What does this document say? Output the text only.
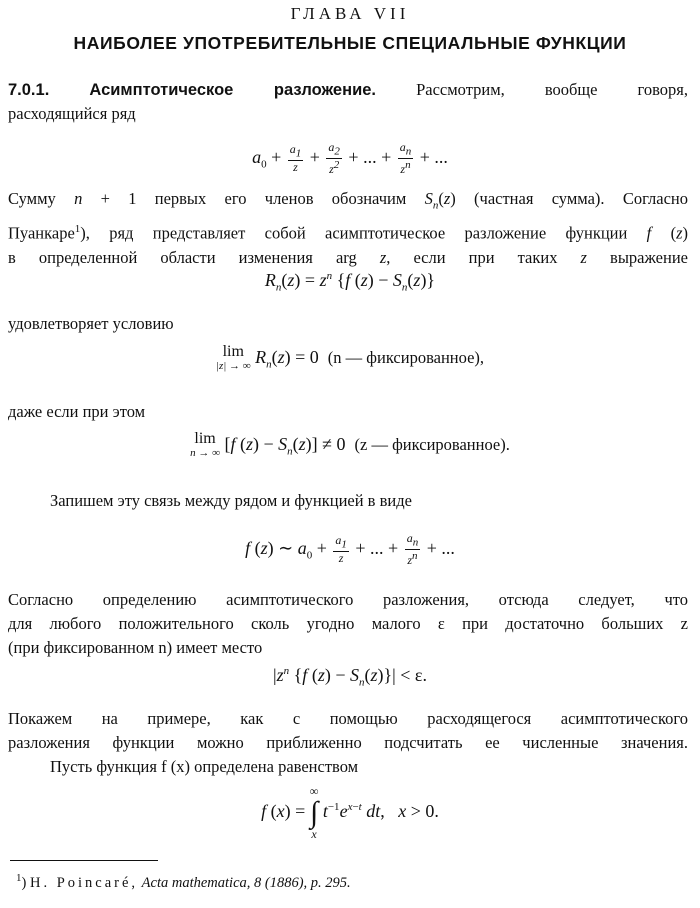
ГЛАВА VII
НАИБОЛЕЕ УПОТРЕБИТЕЛЬНЫЕ СПЕЦИАЛЬНЫЕ ФУНКЦИИ
7.0.1. Асимптотическое разложение. Рассмотрим, вообще говоря,
расходящийся ряд
$a_0 + \frac{a_1}{z} + \frac{a_2}{z^2}$ + ... + $\frac{a_n}{z^n}$ + ...
Сумму n + 1 первых его членов обозначим $S_n(z)$ (частная сумма). Согласно
Пуанкаре$^1$), ряд представляет собой асимптотическое разложение функции f (z)
в определенной области изменения arg z, если при таких z выражение
$R_n(z) = z^n$ {f $(z) - S_n(z)$}
удовлетворяет условию
lim
|z| → ∞ $R_n(z) = 0$  (n — фиксированное),
даже если при этом
lim
n → ∞ [f $(z) - S_n(z)] \ne 0$  (z — фиксированное).
Запишем эту связь между рядом и функцией в виде
f (z) ∼ $a_0 + \frac{a_1}{z}$ + ... + $\frac{a_n}{z^n}$ + ...
Согласно определению асимптотического разложения, отсюда следует, что
для любого положительного сколь угодно малого ε при достаточно больших z
(при фиксированном n) имеет место
$|z^n$ {f $(z) - S_n(z)\}| < \varepsilon$.
Покажем на примере, как с помощью расходящегося асимптотического
разложения функции можно приближенно подсчитать ее численные значения.
Пусть функция f (x) определена равенством
f (x) =
∞
∫
x
$t^{-1}e^{x-t}$ dt,   x > 0.
$^1$) H. Poincaré, Acta mathematica, 8 (1886), p. 295.
